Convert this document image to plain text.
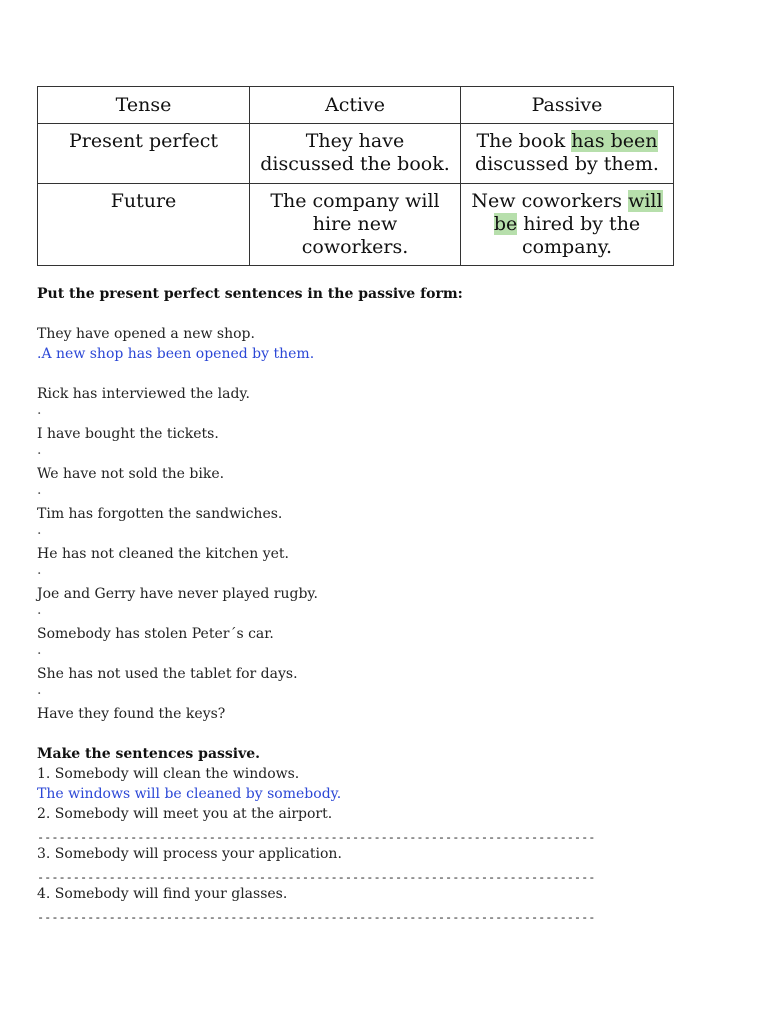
Tense	Active	Passive
Present perfect	They have discussed the book.	The book has been discussed by them.
Future	The company will hire new coworkers.	New coworkers will be hired by the company.
Put the present perfect sentences in the passive form:
They have opened a new shop.
.A new shop has been opened by them.
Rick has interviewed the lady.
.
I have bought the tickets.
.
We have not sold the bike.
.
Tim has forgotten the sandwiches.
.
He has not cleaned the kitchen yet.
.
Joe and Gerry have never played rugby.
.
Somebody has stolen Peter´s car.
.
She has not used the tablet for days.
.
Have they found the keys?
Make the sentences passive.
1. Somebody will clean the windows.
The windows will be cleaned by somebody.
2. Somebody will meet you at the airport.
------------------------------------------------------------------------------
3. Somebody will process your application.
------------------------------------------------------------------------------
4. Somebody will find your glasses.
------------------------------------------------------------------------------
